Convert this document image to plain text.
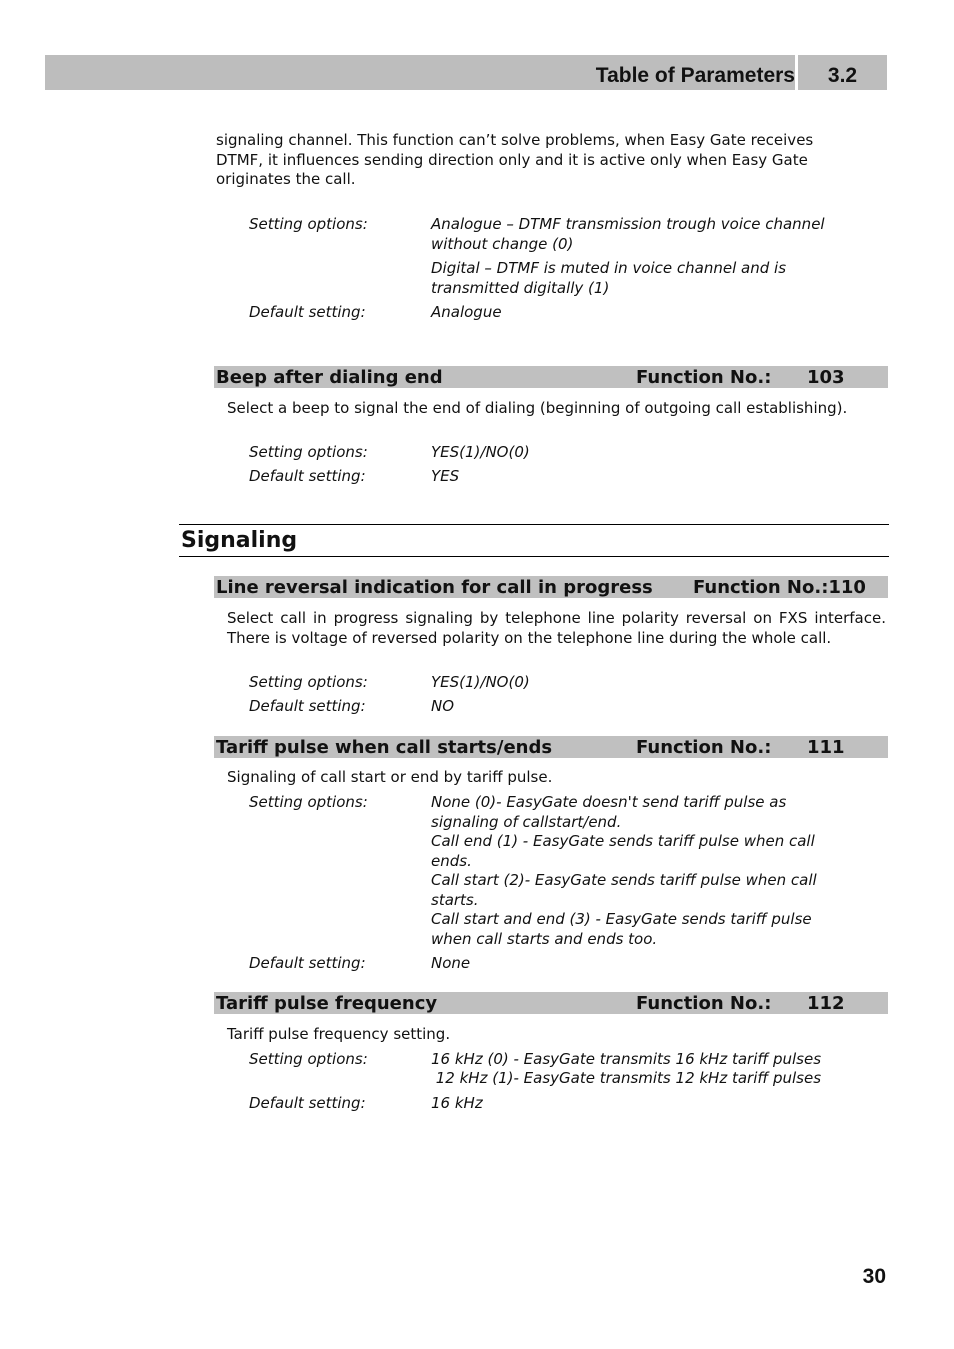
Table of Parameters	3.2
signaling channel. This function can’t solve problems, when Easy Gate receives DTMF, it influences sending direction only and it is active only when Easy Gate originates the call.
Setting options:	Analogue – DTMF transmission trough voice channel without change (0)
Digital – DTMF is muted in voice channel and is transmitted digitally (1)
Default setting:	Analogue
Beep after dialing end	Function No.: 103
Select a beep to signal the end of dialing (beginning of outgoing call establishing).
Setting options:	YES(1)/NO(0)
Default setting:	YES
Signaling
Line reversal indication for call in progress Function No.:110
Select call in progress signaling by telephone line polarity reversal on FXS interface. There is voltage of reversed polarity on the telephone line during the whole call.
Setting options:	YES(1)/NO(0)
Default setting:	NO
Tariff pulse when call starts/ends	Function No.: 111
Signaling of call start or end by tariff pulse.
Setting options:	None (0)- EasyGate doesn't send tariff pulse as signaling of callstart/end.
Call end (1) - EasyGate sends tariff pulse when call ends.
Call start (2)- EasyGate sends tariff pulse when call starts.
Call start and end (3) - EasyGate sends tariff pulse when call starts and ends too.
Default setting:	None
Tariff pulse frequency	Function No.: 112
Tariff pulse frequency setting.
Setting options:	16 kHz (0) - EasyGate transmits 16 kHz tariff pulses
12 kHz (1)- EasyGate transmits 12 kHz tariff pulses
Default setting:	16 kHz
30
